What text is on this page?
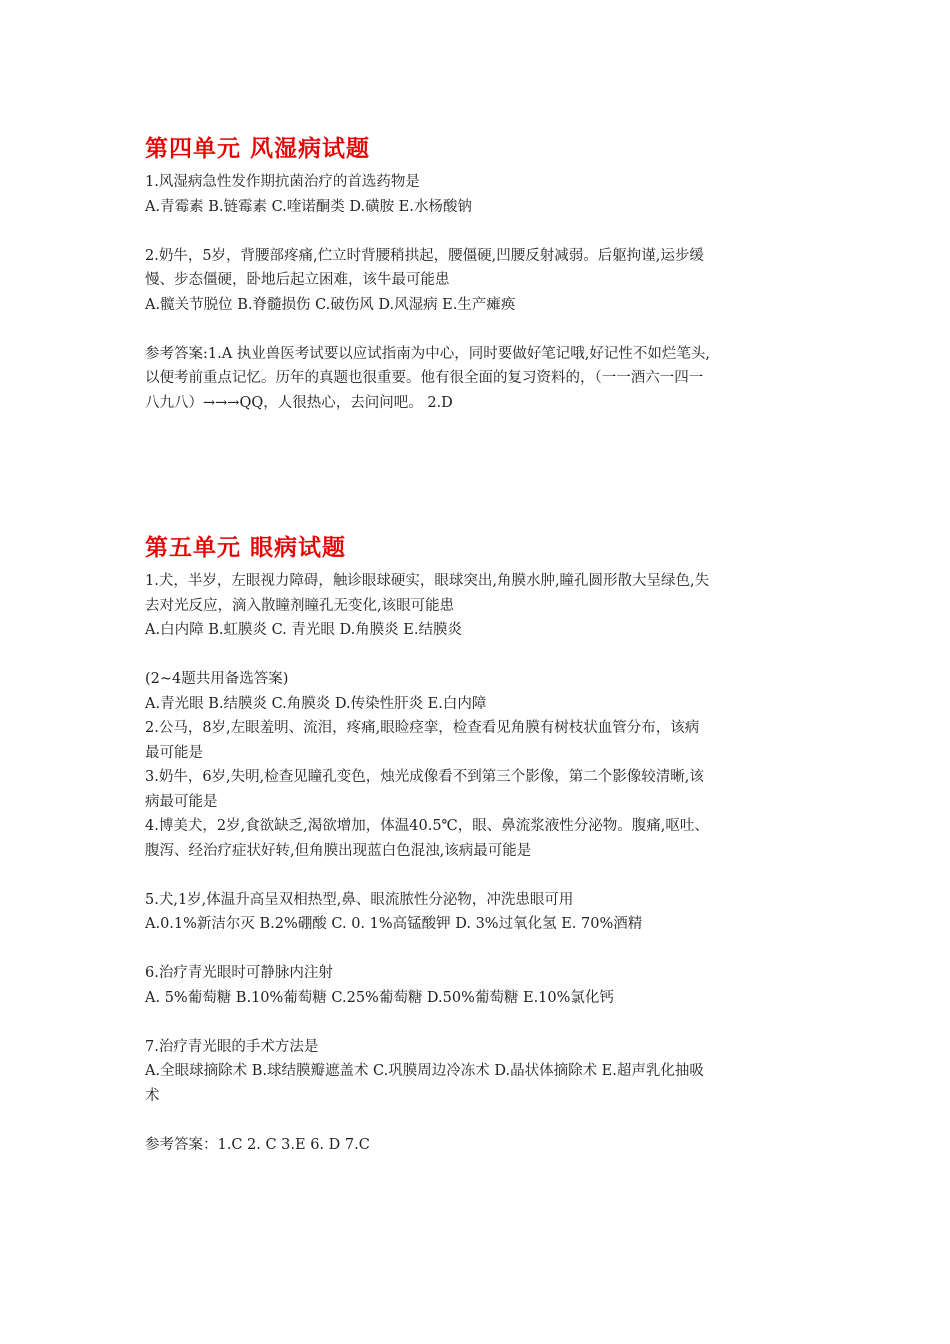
第四单元 风湿病试题
1.风湿病急性发作期抗菌治疗的首选药物是
A.青霉素 B.链霉素 C.喹诺酮类 D.磺胺 E.水杨酸钠
2.奶牛，5岁，背腰部疼痛,伫立时背腰稍拱起，腰僵硬,凹腰反射减弱。后躯拘谨,运步缓
慢、步态僵硬，卧地后起立困难，该牛最可能患
A.髋关节脱位 B.脊髓损伤 C.破伤风 D.风湿病 E.生产瘫痪
参考答案:1.A 执业兽医考试要以应试指南为中心，同时要做好笔记哦,好记性不如烂笔头,
以便考前重点记忆。历年的真题也很重要。他有很全面的复习资料的，（一一酒六一四一
八九八）→→→QQ，人很热心，去问问吧。 2.D
第五单元 眼病试题
1.犬，半岁，左眼视力障碍，触诊眼球硬实，眼球突出,角膜水肿,瞳孔圆形散大呈绿色,失
去对光反应，滴入散瞳剂瞳孔无变化,该眼可能患
A.白内障 B.虹膜炎 C. 青光眼 D.角膜炎 E.结膜炎
(2~4题共用备选答案)
A.青光眼 B.结膜炎 C.角膜炎 D.传染性肝炎 E.白内障
2.公马，8岁,左眼羞明、流泪，疼痛,眼睑痉挛，检查看见角膜有树枝状血管分布，该病
最可能是
3.奶牛，6岁,失明,检查见瞳孔变色，烛光成像看不到第三个影像，第二个影像较清晰,该
病最可能是
4.博美犬，2岁,食欲缺乏,渴欲增加，体温40.5℃，眼、鼻流浆液性分泌物。腹痛,呕吐、
腹泻、经治疗症状好转,但角膜出现蓝白色混浊,该病最可能是
5.犬,1岁,体温升高呈双相热型,鼻、眼流脓性分泌物，冲洗患眼可用
A.0.1%新洁尔灭 B.2%硼酸 C. 0. 1%高锰酸钾 D. 3%过氧化氢 E. 70%酒精
6.治疗青光眼时可静脉内注射
A. 5%葡萄糖 B.10%葡萄糖 C.25%葡萄糖 D.50%葡萄糖 E.10%氯化钙
7.治疗青光眼的手术方法是
A.全眼球摘除术 B.球结膜瓣遮盖术 C.巩膜周边冷冻术 D.晶状体摘除术 E.超声乳化抽吸
术
参考答案：1.C 2. C 3.E 6. D 7.C
